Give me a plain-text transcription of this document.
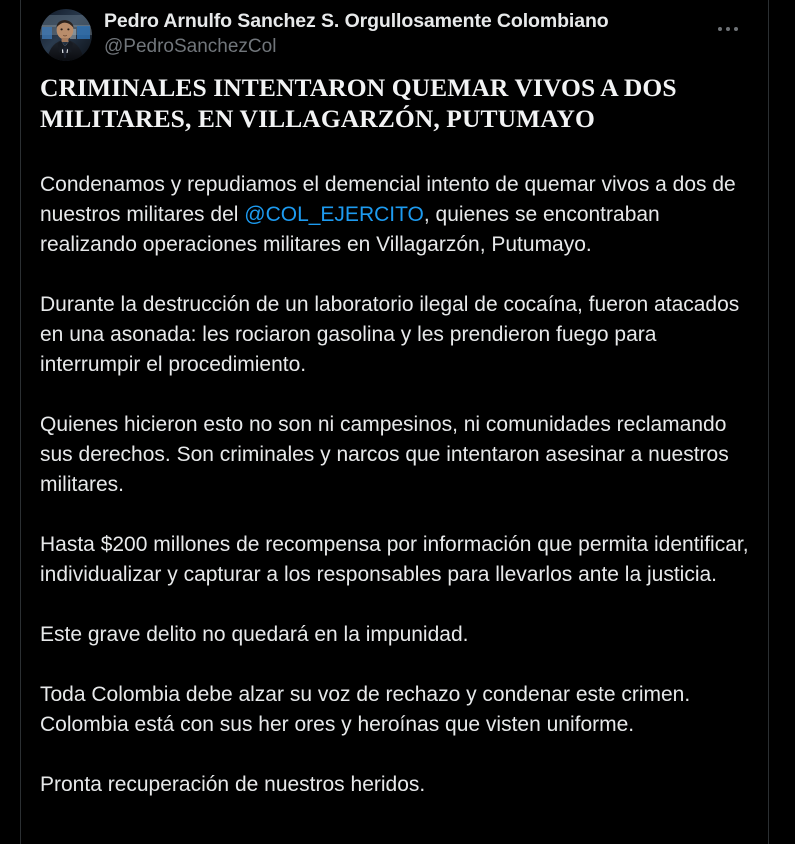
Pedro Arnulfo Sanchez S. Orgullosamente Colombiano
@PedroSanchezCol
CRIMINALES INTENTARON QUEMAR VIVOS A DOS MILITARES, EN VILLAGARZÓN, PUTUMAYO

Condenamos y repudiamos el demencial intento de quemar vivos a dos de nuestros militares del @COL_EJERCITO, quienes se encontraban realizando operaciones militares en Villagarzón, Putumayo.

Durante la destrucción de un laboratorio ilegal de cocaína, fueron atacados en una asonada: les rociaron gasolina y les prendieron fuego para interrumpir el procedimiento.

Quienes hicieron esto no son ni campesinos, ni comunidades reclamando sus derechos. Son criminales y narcos que intentaron asesinar a nuestros militares.

Hasta $200 millones de recompensa por información que permita identificar, individualizar y capturar a los responsables para llevarlos ante la justicia.

Este grave delito no quedará en la impunidad.

Toda Colombia debe alzar su voz de rechazo y condenar este crimen. Colombia está con sus her ores y heroínas que visten uniforme.

Pronta recuperación de nuestros heridos.
